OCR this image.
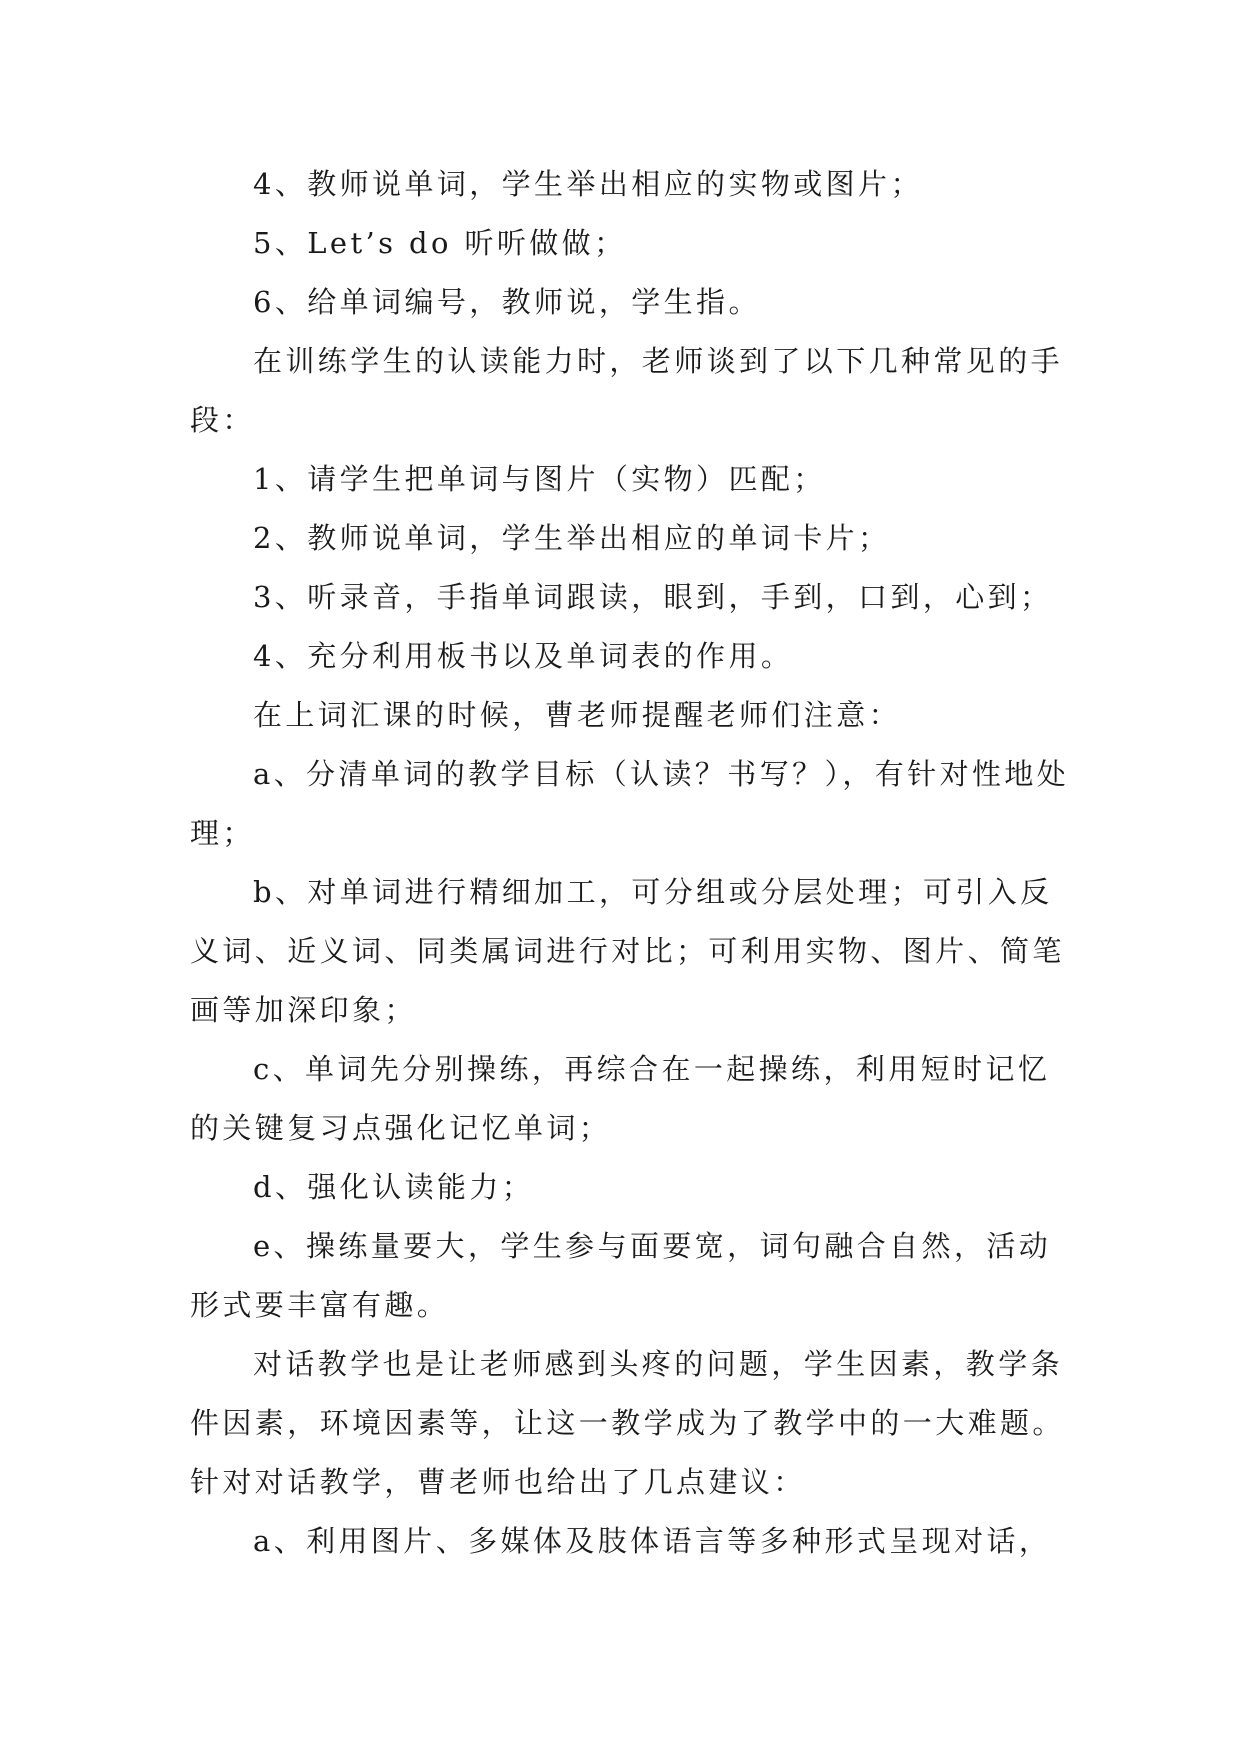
4、教师说单词，学生举出相应的实物或图片；

5、Let’s do 听听做做；

6、给单词编号，教师说，学生指。

在训练学生的认读能力时，老师谈到了以下几种常见的手段：

1、请学生把单词与图片（实物）匹配；

2、教师说单词，学生举出相应的单词卡片；

3、听录音，手指单词跟读，眼到，手到，口到，心到；

4、充分利用板书以及单词表的作用。

在上词汇课的时候，曹老师提醒老师们注意：

a、分清单词的教学目标（认读？书写？），有针对性地处理；

b、对单词进行精细加工，可分组或分层处理；可引入反义词、近义词、同类属词进行对比；可利用实物、图片、简笔画等加深印象；

c、单词先分别操练，再综合在一起操练，利用短时记忆的关键复习点强化记忆单词；

d、强化认读能力；

e、操练量要大，学生参与面要宽，词句融合自然，活动形式要丰富有趣。

对话教学也是让老师感到头疼的问题，学生因素，教学条件因素，环境因素等，让这一教学成为了教学中的一大难题。针对对话教学，曹老师也给出了几点建议：

a、利用图片、多媒体及肢体语言等多种形式呈现对话，
